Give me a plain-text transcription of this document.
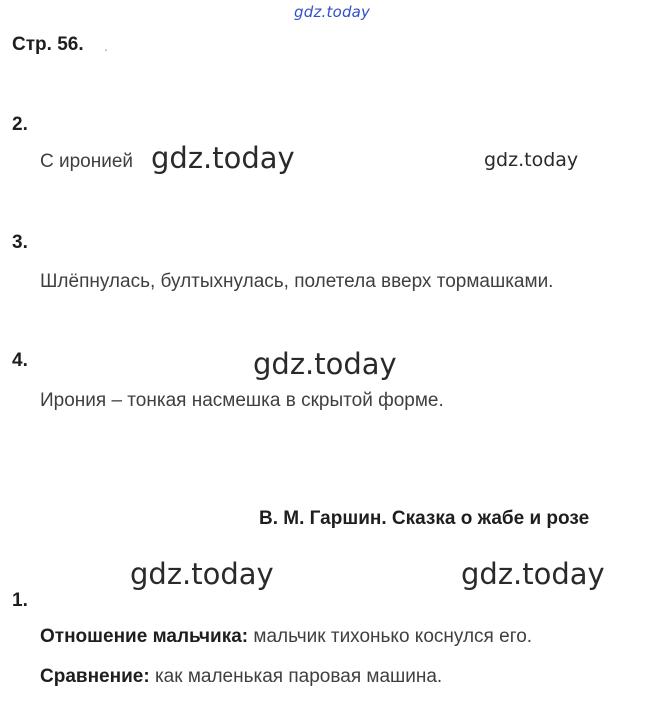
gdz.today
Стр. 56. .
2.
С иронией gdz.today	gdz.today
3.
Шлёпнулась, бултыхнулась, полетела вверх тормашками.
4.	gdz.today
Ирония – тонкая насмешка в скрытой форме.
В. М. Гаршин. Сказка о жабе и розе
gdz.today	gdz.today
1.
Отношение мальчика: мальчик тихонько коснулся его.
Сравнение: как маленькая паровая машина.
